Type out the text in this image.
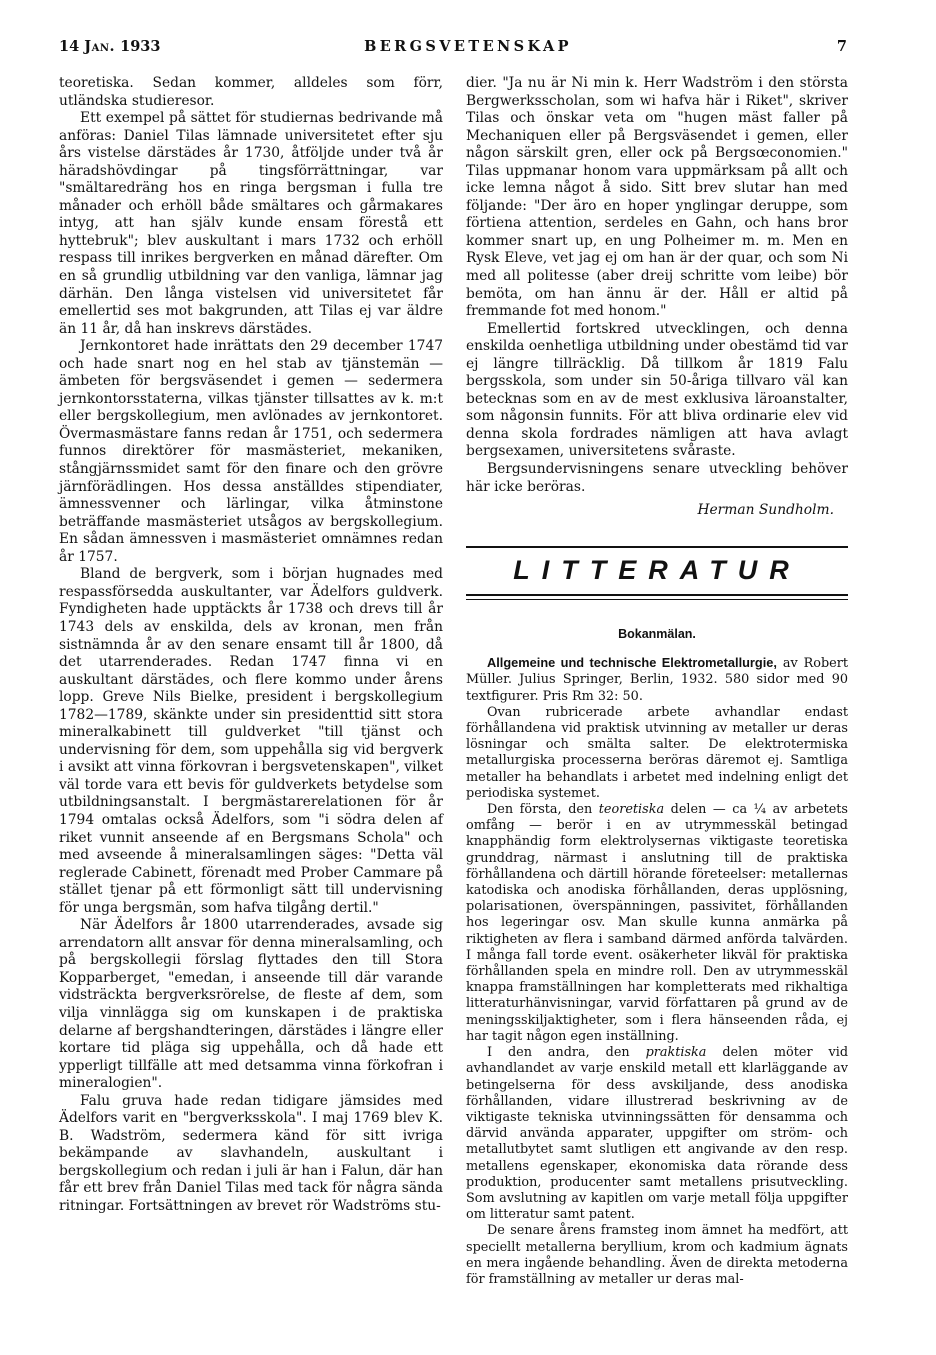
14 Jan. 1933	BERGSVETENSKAP	7

teoretiska. Sedan kommer, alldeles som förr, utländska studieresor.

Ett exempel på sättet för studiernas bedrivande må anföras: Daniel Tilas lämnade universitetet efter sju års vistelse därstädes år 1730, åtföljde under två år häradshövdingar på tingsförrättningar, var "smältaredräng hos en ringa bergsman i fulla tre månader och erhöll både smältares och gårmakares intyg, att han själv kunde ensam förestå ett hyttebruk"; blev auskultant i mars 1732 och erhöll respass till inrikes bergverken en månad därefter. Om en så grundlig utbildning var den vanliga, lämnar jag därhän. Den långa vistelsen vid universitetet får emellertid ses mot bakgrunden, att Tilas ej var äldre än 11 år, då han inskrevs därstädes.

Jernkontoret hade inrättats den 29 december 1747 och hade snart nog en hel stab av tjänstemän — ämbeten för bergsväsendet i gemen — sedermera jernkontorsstaterna, vilkas tjänster tillsattes av k. m:t eller bergskollegium, men avlönades av jernkontoret. Övermasmästare fanns redan år 1751, och sedermera funnos direktörer för masmästeriet, mekaniken, stångjärnssmidet samt för den finare och den grövre järnförädlingen. Hos dessa anställdes stipendiater, ämnessvenner och lärlingar, vilka åtminstone beträffande masmästeriet utsågos av bergskollegium. En sådan ämnessven i masmästeriet omnämnes redan år 1757.

Bland de bergverk, som i början hugnades med respassförsedda auskultanter, var Ädelfors guldverk. Fyndigheten hade upptäckts år 1738 och drevs till år 1743 dels av enskilda, dels av kronan, men från sistnämnda år av den senare ensamt till år 1800, då det utarrenderades. Redan 1747 finna vi en auskultant därstädes, och flere kommo under årens lopp. Greve Nils Bielke, president i bergskollegium 1782—1789, skänkte under sin presidenttid sitt stora mineralkabinett till guldverket "till tjänst och undervisning för dem, som uppehålla sig vid bergverk i avsikt att vinna förkovran i bergsvetenskapen", vilket väl torde vara ett bevis för guldverkets betydelse som utbildningsanstalt. I bergmästarerelationen för år 1794 omtalas också Ädelfors, som "i södra delen af riket vunnit anseende af en Bergsmans Schola" och med avseende å mineralsamlingen säges: "Detta väl reglerade Cabinett, förenadt med Prober Cammare på stället tjenar på ett förmonligt sätt till undervisning för unga bergsmän, som hafva tilgång dertil."

När Ädelfors år 1800 utarrenderades, avsade sig arrendatorn allt ansvar för denna mineralsamling, och på bergskollegii förslag flyttades den till Stora Kopparberget, "emedan, i anseende till där varande vidsträckta bergverksrörelse, de fleste af dem, som vilja vinnlägga sig om kunskapen i de praktiska delarne af bergshandteringen, därstädes i längre eller kortare tid pläga sig uppehålla, och då hade ett ypperligt tillfälle att med detsamma vinna förkofran i mineralogien".

Falu gruva hade redan tidigare jämsides med Ädelfors varit en "bergverksskola". I maj 1769 blev K. B. Wadström, sedermera känd för sitt ivriga bekämpande av slavhandeln, auskultant i bergskollegium och redan i juli är han i Falun, där han får ett brev från Daniel Tilas med tack för några sända ritningar. Fortsättningen av brevet rör Wadströms stu-

dier. "Ja nu är Ni min k. Herr Wadström i den största Bergwerksscholan, som wi hafva här i Riket", skriver Tilas och önskar veta om "hugen mäst faller på Mechaniquen eller på Bergsväsendet i gemen, eller någon särskilt gren, eller ock på Bergsœconomien." Tilas uppmanar honom vara uppmärksam på allt och icke lemna något å sido. Sitt brev slutar han med följande: "Der äro en hoper ynglingar deruppe, som förtiena attention, serdeles en Gahn, och hans bror kommer snart up, en ung Polheimer m. m. Men en Rysk Eleve, vet jag ej om han är der quar, och som Ni med all politesse (aber dreij schritte vom leibe) bör bemöta, om han ännu är der. Håll er altid på fremmande fot med honom."

Emellertid fortskred utvecklingen, och denna enskilda oenhetliga utbildning under obestämd tid var ej längre tillräcklig. Då tillkom år 1819 Falu bergsskola, som under sin 50-åriga tillvaro väl kan betecknas som en av de mest exklusiva läroanstalter, som någonsin funnits. För att bliva ordinarie elev vid denna skola fordrades nämligen att hava avlagt bergsexamen, universitetens svåraste.

Bergsundervisningens senare utveckling behöver här icke beröras.

Herman Sundholm.

LITTERATUR
Bokanmälan.

Allgemeine und technische Elektrometallurgie, av Robert Müller. Julius Springer, Berlin, 1932. 580 sidor med 90 textfigurer. Pris Rm 32: 50.

Ovan rubricerade arbete avhandlar endast förhållandena vid praktisk utvinning av metaller ur deras lösningar och smälta salter. De elektrotermiska metallurgiska processerna beröras däremot ej. Samtliga metaller ha behandlats i arbetet med indelning enligt det periodiska systemet.

Den första, den teoretiska delen — ca ¼ av arbetets omfång — berör i en av utrymmesskäl betingad knapphändig form elektrolysernas viktigaste teoretiska grunddrag, närmast i anslutning till de praktiska förhållandena och därtill hörande företeelser: metallernas katodiska och anodiska förhållanden, deras upplösning, polarisationen, överspänningen, passivitet, förhållanden hos legeringar osv. Man skulle kunna anmärka på riktigheten av flera i samband därmed anförda talvärden. I många fall torde event. osäkerheter likväl för praktiska förhållanden spela en mindre roll. Den av utrymmesskäl knappa framställningen har kompletterats med rikhaltiga litteraturhänvisningar, varvid författaren på grund av de meningsskiljaktigheter, som i flera hänseenden råda, ej har tagit någon egen inställning.

I den andra, den praktiska delen möter vid avhandlandet av varje enskild metall ett klarläggande av betingelserna för dess avskiljande, dess anodiska förhållanden, vidare illustrerad beskrivning av de viktigaste tekniska utvinningssätten för densamma och därvid använda apparater, uppgifter om ström- och metallutbytet samt slutligen ett angivande av den resp. metallens egenskaper, ekonomiska data rörande dess produktion, producenter samt metallens prisutveckling. Som avslutning av kapitlen om varje metall följa uppgifter om litteratur samt patent.

De senare årens framsteg inom ämnet ha medfört, att speciellt metallerna beryllium, krom och kadmium ägnats en mera ingående behandling. Även de direkta metoderna för framställning av metaller ur deras mal-
